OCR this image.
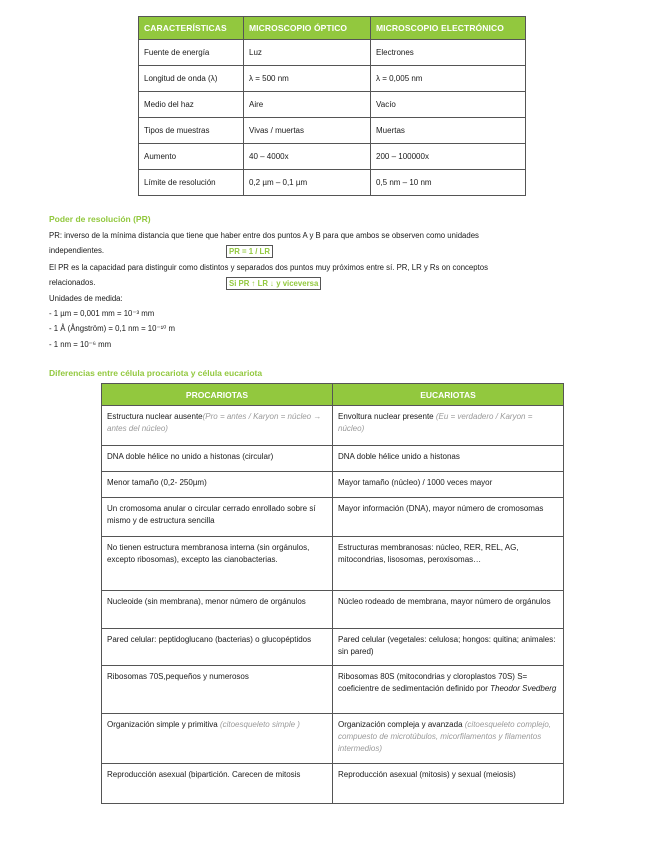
CARACTERÍSTICAS	MICROSCOPIO ÓPTICO	MICROSCOPIO ELECTRÓNICO
Fuente de energía	Luz	Electrones
Longitud de onda (λ)	λ = 500 nm	λ = 0,005 nm
Medio del haz	Aire	Vacío
Tipos de muestras	Vivas / muertas	Muertas
Aumento	40 – 4000x	200 – 100000x
Límite de resolución	0,2 µm – 0,1 µm	0,5 nm – 10 nm
Poder de resolución (PR)

PR: inverso de la mínima distancia que tiene que haber entre dos puntos A y B para que ambos se observen como unidades

independientes.	PR = 1 / LR

El PR es la capacidad para distinguir como distintos y separados dos puntos muy próximos entre sí. PR, LR y Rs on conceptos

relacionados.	Si PR ↑ LR ↓ y viceversa

Unidades de medida:

- 1 µm = 0,001 mm = 10⁻³ mm

- 1 Å (Ångström) = 0,1 nm = 10⁻¹⁰ m

- 1 nm = 10⁻⁶ mm

Diferencias entre célula procariota y célula eucariota
PROCARIOTAS	EUCARIOTAS
Estructura nuclear ausente(Pro = antes / Karyon = núcleo → antes del núcleo)	Envoltura nuclear presente (Eu = verdadero / Karyon = núcleo)
DNA doble hélice no unido a histonas (circular)	DNA doble hélice unido a histonas
Menor tamaño (0,2- 250µm)	Mayor tamaño (núcleo) / 1000 veces mayor
Un cromosoma anular o circular cerrado enrollado sobre sí mismo y de estructura sencilla	Mayor información (DNA), mayor número de cromosomas
No tienen estructura membranosa interna (sin orgánulos, excepto ribosomas), excepto las cianobacterias.	Estructuras membranosas: núcleo, RER, REL, AG, mitocondrias, lisosomas, peroxisomas…
Nucleoide (sin membrana), menor número de orgánulos	Núcleo rodeado de membrana, mayor número de orgánulos
Pared celular: peptidoglucano (bacterias) o glucopéptidos	Pared celular (vegetales: celulosa; hongos: quitina; animales: sin pared)
Ribosomas 70S,pequeños y numerosos	Ribosomas 80S (mitocondrias y cloroplastos 70S) S= coeficientre de sedimentación definido por Theodor Svedberg
Organización simple y primitiva (citoesqueleto simple )	Organización compleja y avanzada (citoesqueleto complejo, compuesto de microtúbulos, micorfilamentos y filamentos intermedios)
Reproducción asexual (bipartición. Carecen de mitosis	Reproducción asexual (mitosis) y sexual (meiosis)
